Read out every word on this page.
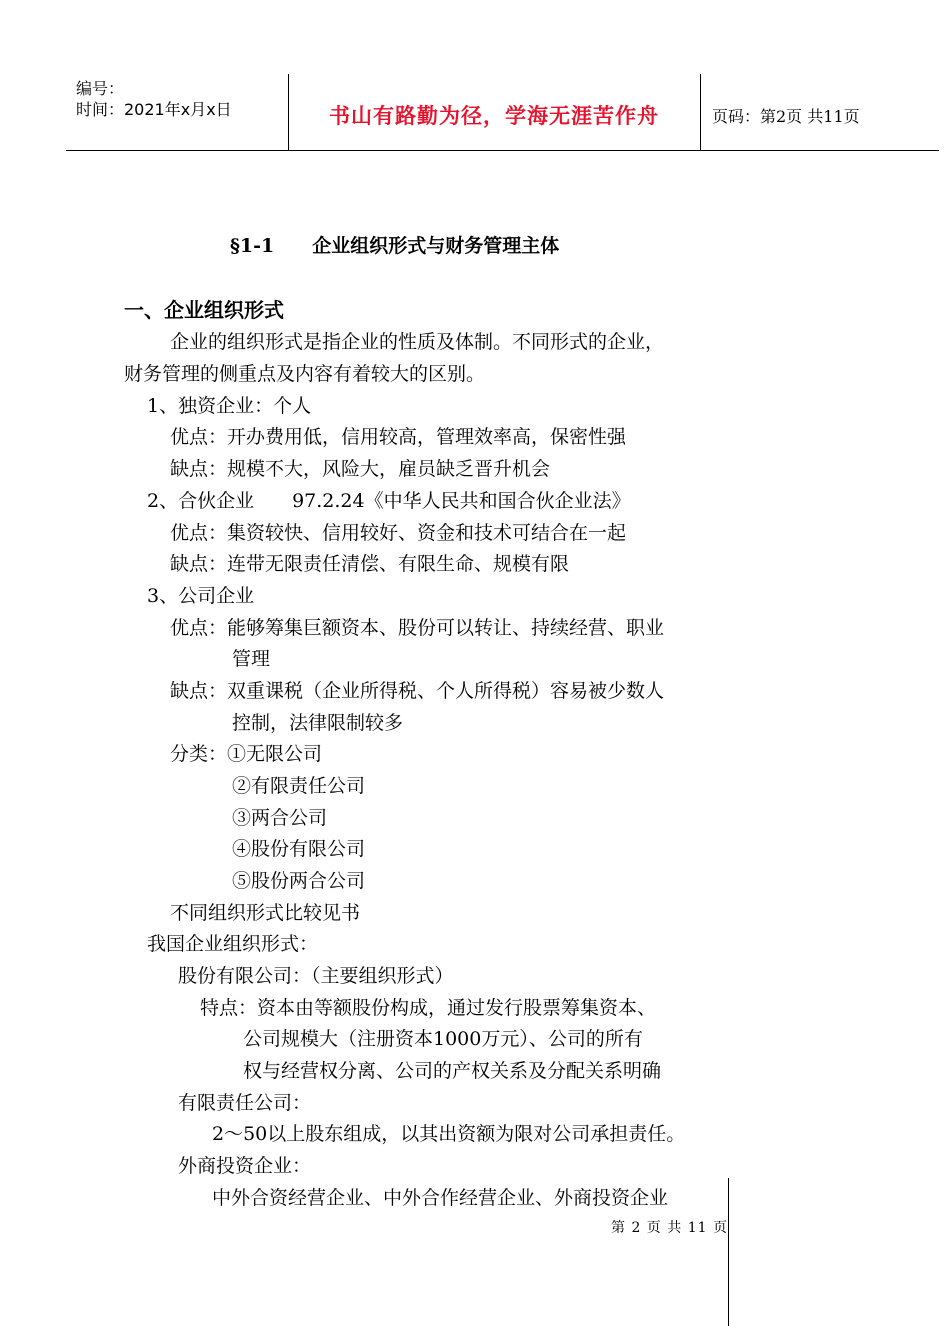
编号：
时间：2021年x月x日	书山有路勤为径，学海无涯苦作舟	页码：第2页 共11页
§1-1　　企业组织形式与财务管理主体
一、企业组织形式
企业的组织形式是指企业的性质及体制。不同形式的企业，
财务管理的侧重点及内容有着较大的区别。
1、独资企业：个人
优点：开办费用低，信用较高，管理效率高，保密性强
缺点：规模不大，风险大，雇员缺乏晋升机会
2、合伙企业　　97.2.24《中华人民共和国合伙企业法》
优点：集资较快、信用较好、资金和技术可结合在一起
缺点：连带无限责任清偿、有限生命、规模有限
3、公司企业
优点：能够筹集巨额资本、股份可以转让、持续经营、职业
管理
缺点：双重课税（企业所得税、个人所得税）容易被少数人
控制，法律限制较多
分类：①无限公司
②有限责任公司
③两合公司
④股份有限公司
⑤股份两合公司
不同组织形式比较见书
我国企业组织形式：
股份有限公司：（主要组织形式）
特点：资本由等额股份构成，通过发行股票筹集资本、
公司规模大（注册资本1000万元）、公司的所有
权与经营权分离、公司的产权关系及分配关系明确
有限责任公司：
2～50以上股东组成，以其出资额为限对公司承担责任。
外商投资企业：
中外合资经营企业、中外合作经营企业、外商投资企业
第 2 页 共 11 页
